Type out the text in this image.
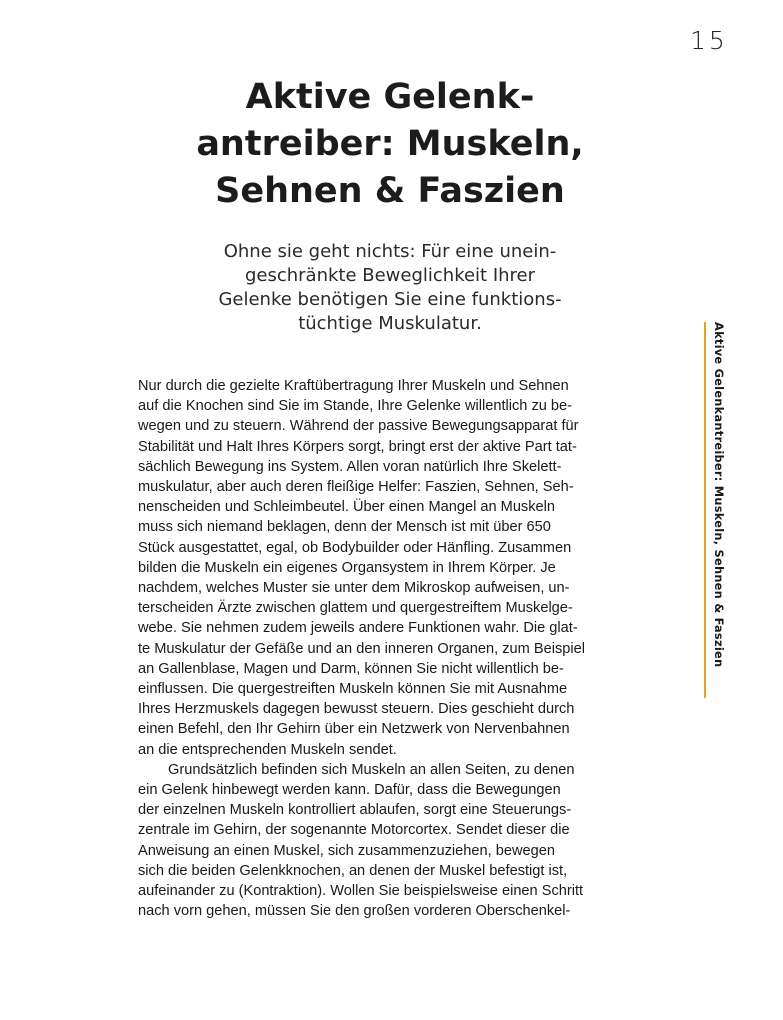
15
Aktive Gelenk-
antreiber: Muskeln,
Sehnen & Faszien

Ohne sie geht nichts: Für eine unein-
geschränkte Beweglichkeit Ihrer
Gelenke benötigen Sie eine funktions-
tüchtige Muskulatur.

Nur durch die gezielte Kraftübertragung Ihrer Muskeln und Sehnen
auf die Knochen sind Sie im Stande, Ihre Gelenke willentlich zu be-
wegen und zu steuern. Während der passive Bewegungsapparat für
Stabilität und Halt Ihres Körpers sorgt, bringt erst der aktive Part tat-
sächlich Bewegung ins System. Allen voran natürlich Ihre Skelett-
muskulatur, aber auch deren fleißige Helfer: Faszien, Sehnen, Seh-
nenscheiden und Schleimbeutel. Über einen Mangel an Muskeln
muss sich niemand beklagen, denn der Mensch ist mit über 650
Stück ausgestattet, egal, ob Bodybuilder oder Hänfling. Zusammen
bilden die Muskeln ein eigenes Organsystem in Ihrem Körper. Je
nachdem, welches Muster sie unter dem Mikroskop aufweisen, un-
terscheiden Ärzte zwischen glattem und quergestreiftem Muskelge-
webe. Sie nehmen zudem jeweils andere Funktionen wahr. Die glat-
te Muskulatur der Gefäße und an den inneren Organen, zum Beispiel
an Gallenblase, Magen und Darm, können Sie nicht willentlich be-
einflussen. Die quergestreiften Muskeln können Sie mit Ausnahme
Ihres Herzmuskels dagegen bewusst steuern. Dies geschieht durch
einen Befehl, den Ihr Gehirn über ein Netzwerk von Nervenbahnen
an die entsprechenden Muskeln sendet.
Grundsätzlich befinden sich Muskeln an allen Seiten, zu denen
ein Gelenk hinbewegt werden kann. Dafür, dass die Bewegungen
der einzelnen Muskeln kontrolliert ablaufen, sorgt eine Steuerungs-
zentrale im Gehirn, der sogenannte Motorcortex. Sendet dieser die
Anweisung an einen Muskel, sich zusammenzuziehen, bewegen
sich die beiden Gelenkknochen, an denen der Muskel befestigt ist,
aufeinander zu (Kontraktion). Wollen Sie beispielsweise einen Schritt
nach vorn gehen, müssen Sie den großen vorderen Oberschenkel-
Aktive Gelenkantreiber: Muskeln, Sehnen & Faszien
